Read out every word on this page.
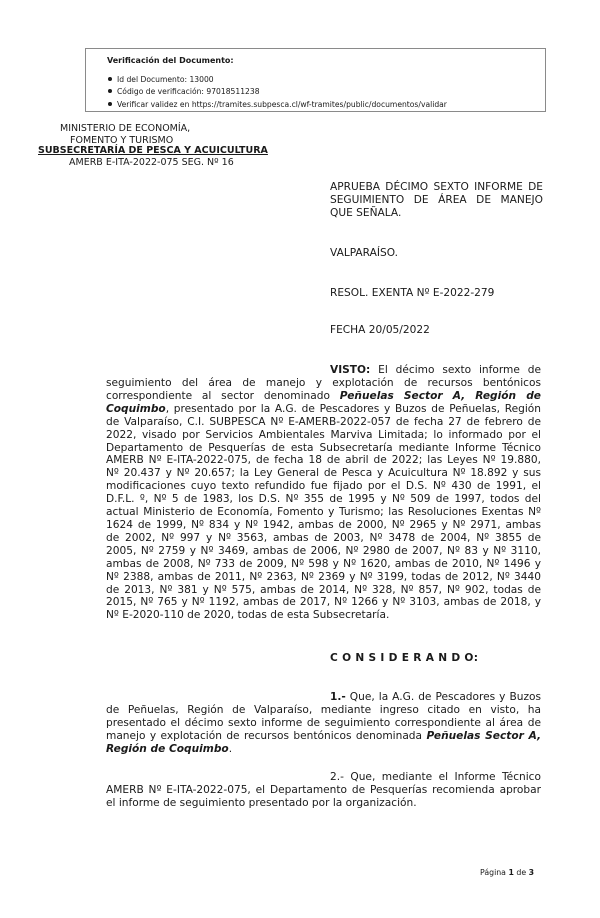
Verificación del Documento:
Id del Documento: 13000
Código de verificación: 97018511238
Verificar validez en https://tramites.subpesca.cl/wf-tramites/public/documentos/validar
MINISTERIO DE ECONOMÍA,
FOMENTO Y TURISMO
SUBSECRETARÍA DE PESCA Y ACUICULTURA
AMERB E-ITA-2022-075 SEG. Nº 16
APRUEBA DÉCIMO SEXTO INFORME DE
SEGUIMIENTO DE ÁREA DE MANEJO
QUE SEÑALA.
VALPARAÍSO.
RESOL. EXENTA Nº E-2022-279
FECHA 20/05/2022
VISTO: El décimo sexto informe de
seguimiento del área de manejo y explotación de recursos bentónicos
correspondiente al sector denominado Peñuelas Sector A, Región de
Coquimbo, presentado por la A.G. de Pescadores y Buzos de Peñuelas, Región
de Valparaíso, C.I. SUBPESCA Nº E-AMERB-2022-057 de fecha 27 de febrero de
2022, visado por Servicios Ambientales Marviva Limitada; lo informado por el
Departamento de Pesquerías de esta Subsecretaría mediante Informe Técnico
AMERB Nº E-ITA-2022-075, de fecha 18 de abril de 2022; las Leyes Nº 19.880,
Nº 20.437 y Nº 20.657; la Ley General de Pesca y Acuicultura Nº 18.892 y sus
modificaciones cuyo texto refundido fue fijado por el D.S. Nº 430 de 1991, el
D.F.L. º, Nº 5 de 1983, los D.S. Nº 355 de 1995 y Nº 509 de 1997, todos del
actual Ministerio de Economía, Fomento y Turismo; las Resoluciones Exentas Nº
1624 de 1999, Nº 834 y Nº 1942, ambas de 2000, Nº 2965 y Nº 2971, ambas
de 2002, Nº 997 y Nº 3563, ambas de 2003, Nº 3478 de 2004, Nº 3855 de
2005, Nº 2759 y Nº 3469, ambas de 2006, Nº 2980 de 2007, Nº 83 y Nº 3110,
ambas de 2008, Nº 733 de 2009, Nº 598 y Nº 1620, ambas de 2010, Nº 1496 y
Nº 2388, ambas de 2011, Nº 2363, Nº 2369 y Nº 3199, todas de 2012, Nº 3440
de 2013, Nº 381 y Nº 575, ambas de 2014, Nº 328, Nº 857, Nº 902, todas de
2015, Nº 765 y Nº 1192, ambas de 2017, Nº 1266 y Nº 3103, ambas de 2018, y
Nº E-2020-110 de 2020, todas de esta Subsecretaría.
C O N S I D E R A N D O:
1.- Que, la A.G. de Pescadores y Buzos
de Peñuelas, Región de Valparaíso, mediante ingreso citado en visto, ha
presentado el décimo sexto informe de seguimiento correspondiente al área de
manejo y explotación de recursos bentónicos denominada Peñuelas Sector A,
Región de Coquimbo.
2.- Que, mediante el Informe Técnico
AMERB Nº E-ITA-2022-075, el Departamento de Pesquerías recomienda aprobar
el informe de seguimiento presentado por la organización.
Página 1 de 3
